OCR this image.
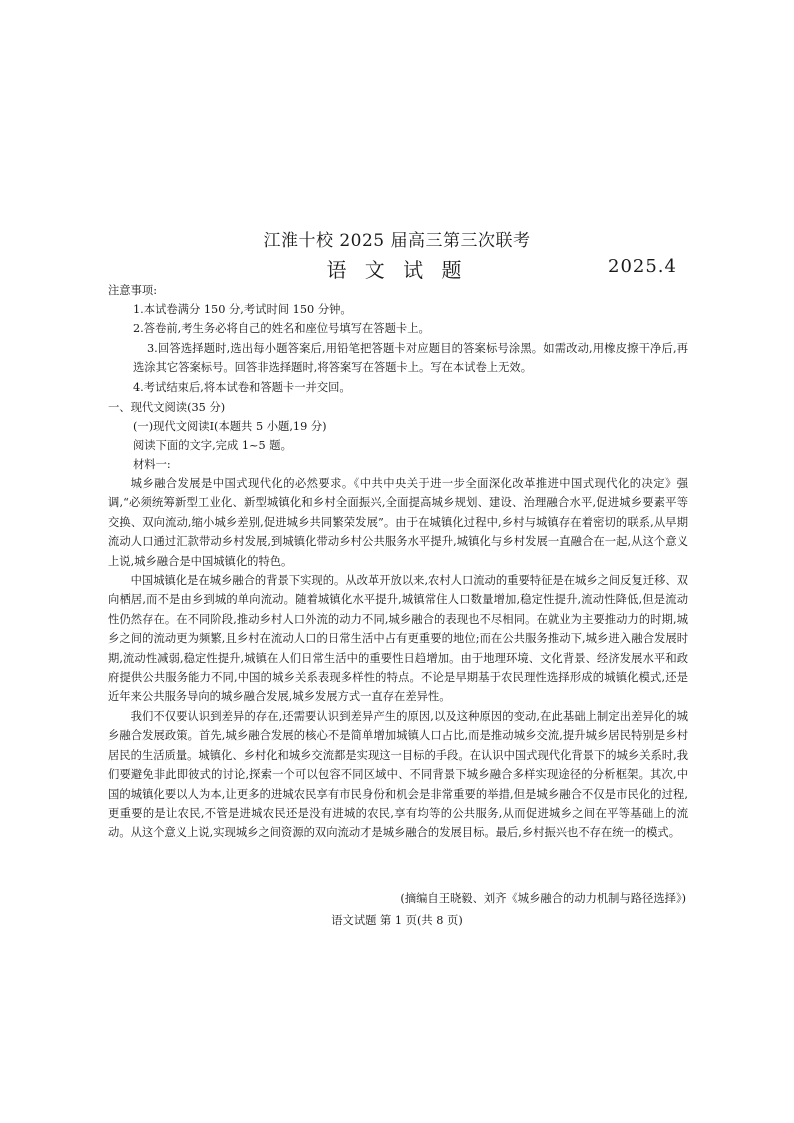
江淮十校 2025 届高三第三次联考
语 文 试 题	2025.4
注意事项:

1.本试卷满分 150 分,考试时间 150 分钟。

2.答卷前,考生务必将自己的姓名和座位号填写在答题卡上。

3.回答选择题时,选出每小题答案后,用铅笔把答题卡对应题目的答案标号涂黑。如需改动,用橡皮擦干净后,再选涂其它答案标号。回答非选择题时,将答案写在答题卡上。写在本试卷上无效。

4.考试结束后,将本试卷和答题卡一并交回。

一、现代文阅读(35 分)
(一)现代文阅读Ⅰ(本题共 5 小题,19 分)
阅读下面的文字,完成 1~5 题。
材料一:

城乡融合发展是中国式现代化的必然要求。《中共中央关于进一步全面深化改革推进中国式现代化的决定》强调,“必须统筹新型工业化、新型城镇化和乡村全面振兴,全面提高城乡规划、建设、治理融合水平,促进城乡要素平等交换、双向流动,缩小城乡差别,促进城乡共同繁荣发展”。由于在城镇化过程中,乡村与城镇存在着密切的联系,从早期流动人口通过汇款带动乡村发展,到城镇化带动乡村公共服务水平提升,城镇化与乡村发展一直融合在一起,从这个意义上说,城乡融合是中国城镇化的特色。

中国城镇化是在城乡融合的背景下实现的。从改革开放以来,农村人口流动的重要特征是在城乡之间反复迁移、双向栖居,而不是由乡到城的单向流动。随着城镇化水平提升,城镇常住人口数量增加,稳定性提升,流动性降低,但是流动性仍然存在。在不同阶段,推动乡村人口外流的动力不同,城乡融合的表现也不尽相同。在就业为主要推动力的时期,城乡之间的流动更为频繁,且乡村在流动人口的日常生活中占有更重要的地位;而在公共服务推动下,城乡进入融合发展时期,流动性减弱,稳定性提升,城镇在人们日常生活中的重要性日趋增加。由于地理环境、文化背景、经济发展水平和政府提供公共服务能力不同,中国的城乡关系表现多样性的特点。不论是早期基于农民理性选择形成的城镇化模式,还是近年来公共服务导向的城乡融合发展,城乡发展方式一直存在差异性。

我们不仅要认识到差异的存在,还需要认识到差异产生的原因,以及这种原因的变动,在此基础上制定出差异化的城乡融合发展政策。首先,城乡融合发展的核心不是简单增加城镇人口占比,而是推动城乡交流,提升城乡居民特别是乡村居民的生活质量。城镇化、乡村化和城乡交流都是实现这一目标的手段。在认识中国式现代化背景下的城乡关系时,我们要避免非此即彼式的讨论,探索一个可以包容不同区域中、不同背景下城乡融合多样实现途径的分析框架。其次,中国的城镇化要以人为本,让更多的进城农民享有市民身份和机会是非常重要的举措,但是城乡融合不仅是市民化的过程,更重要的是让农民,不管是进城农民还是没有进城的农民,享有均等的公共服务,从而促进城乡之间在平等基础上的流动。从这个意义上说,实现城乡之间资源的双向流动才是城乡融合的发展目标。最后,乡村振兴也不存在统一的模式。

(摘编自王晓毅、刘齐《城乡融合的动力机制与路径选择》)
语文试题 第 1 页(共 8 页)
